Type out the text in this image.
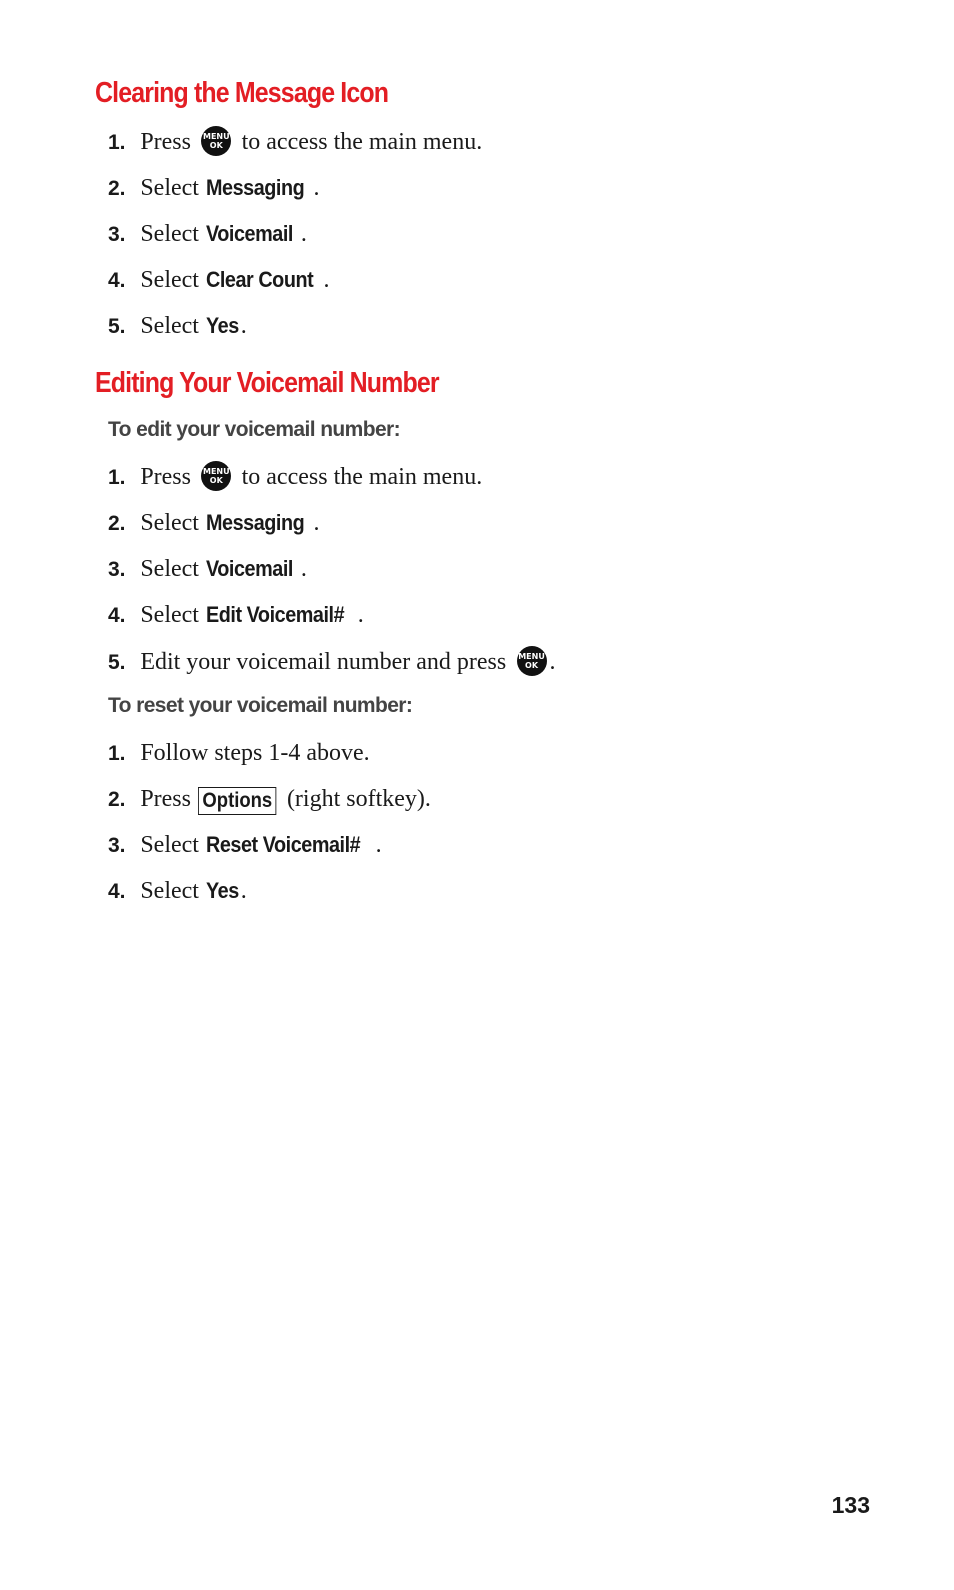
Clearing the Message Icon
1. Press MENU
OK to access the main menu.
2. Select Messaging .
3. Select Voicemail .
4. Select Clear Count .
5. Select Yes.
Editing Your Voicemail Number
To edit your voicemail number:
1. Press MENU
OK to access the main menu.
2. Select Messaging .
3. Select Voicemail .
4. Select Edit Voicemail# .
5. Edit your voicemail number and press MENU
OK .
To reset your voicemail number:
1. Follow steps 1-4 above.
2. Press Options (right softkey).
3. Select Reset Voicemail# .
4. Select Yes.
133
